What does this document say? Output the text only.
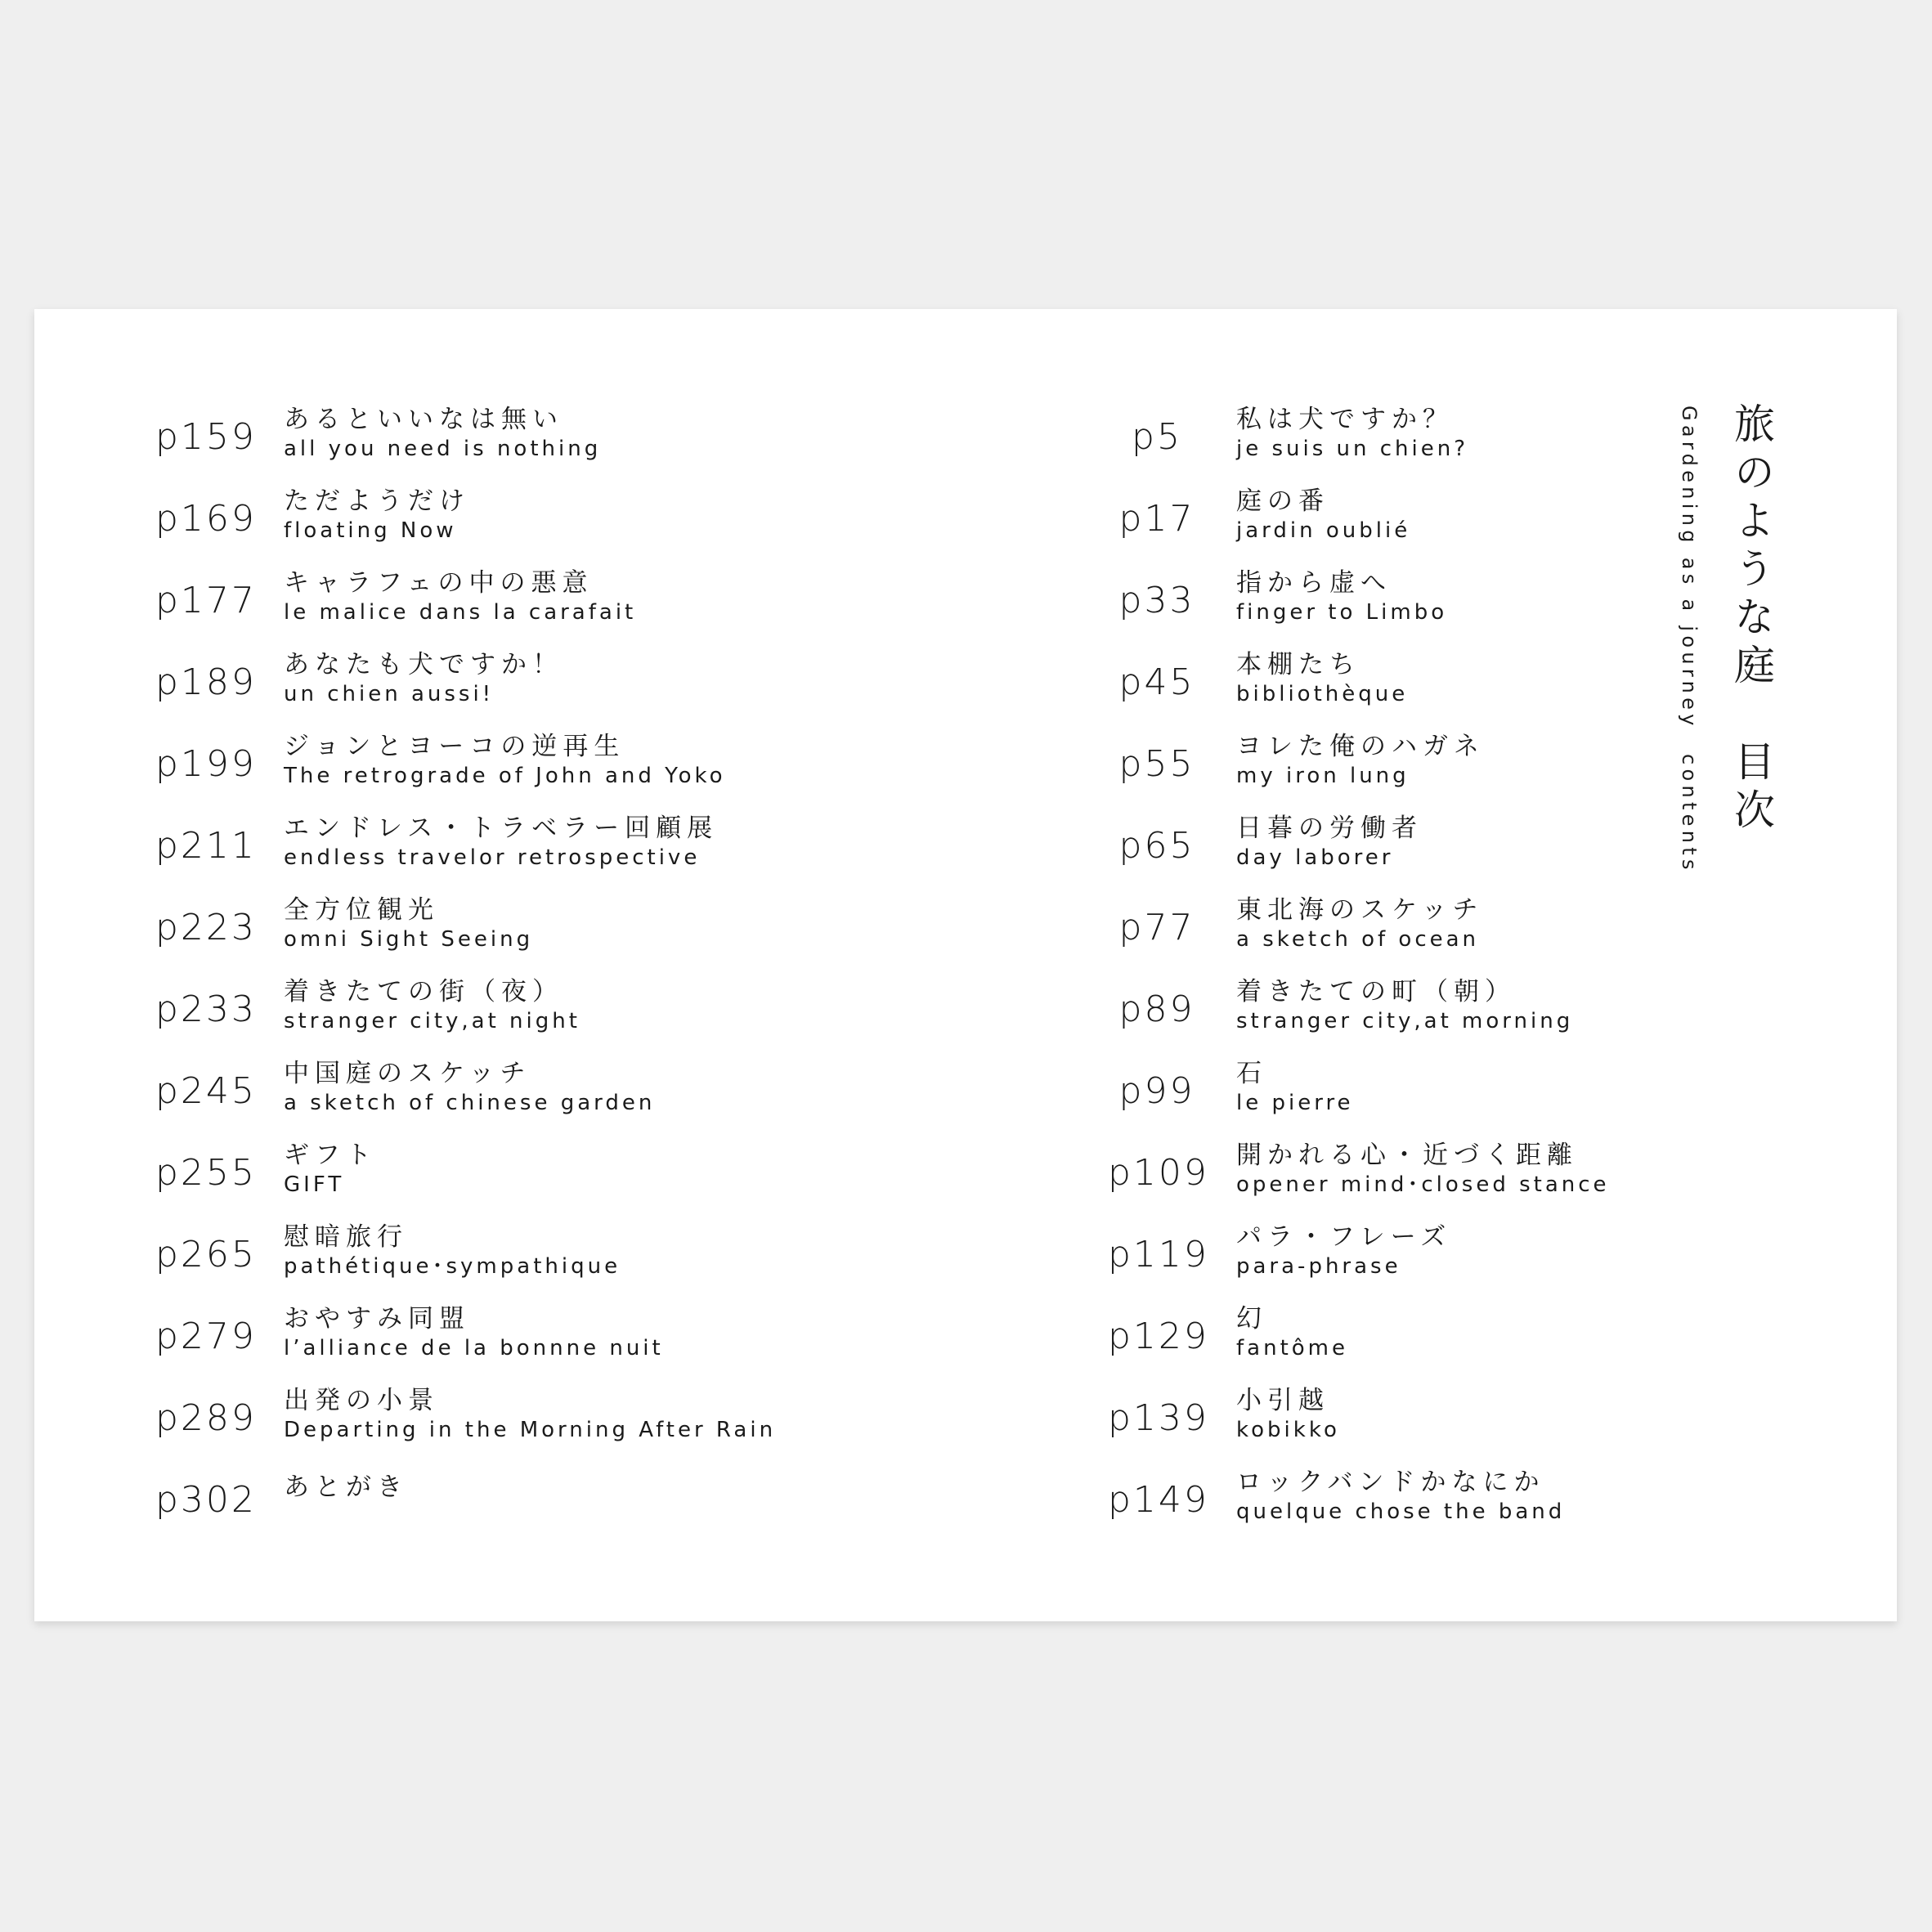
p159 あるといいなは無い
all you need is nothing
p169 ただようだけ
floating Now
p177 キャラフェの中の悪意
le malice dans la carafait
p189 あなたも犬ですか！
un chien aussi!
p199 ジョンとヨーコの逆再生
The retrograde of John and Yoko
p211 エンドレス・トラベラー回顧展
endless travelor retrospective
p223 全方位観光
omni Sight Seeing
p233 着きたての街（夜）
stranger city,at night
p245 中国庭のスケッチ
a sketch of chinese garden
p255 ギフト
GIFT
p265 慰暗旅行
pathétique･sympathique
p279 おやすみ同盟
l’alliance de la bonnne nuit
p289 出発の小景
Departing in the Morning After Rain
p302 あとがき
p5	私は犬ですか？
je suis un chien?
p17	庭の番
jardin oublié
p33	指から虚へ
finger to Limbo
p45	本棚たち
bibliothèque
p55	ヨレた俺のハガネ
my iron lung
p65	日暮の労働者
day laborer
p77	東北海のスケッチ
a sketch of ocean
p89	着きたての町（朝）
stranger city,at morning
p99	石
le pierre
p109 開かれる心・近づく距離
opener mind･closed stance
p119 パラ・フレーズ
para-phrase
p129 幻
fantôme
p139 小引越
kobikko
p149 ロックバンドかなにか
quelque chose the band
旅のような庭　目次
Gardening as a journey　contents
